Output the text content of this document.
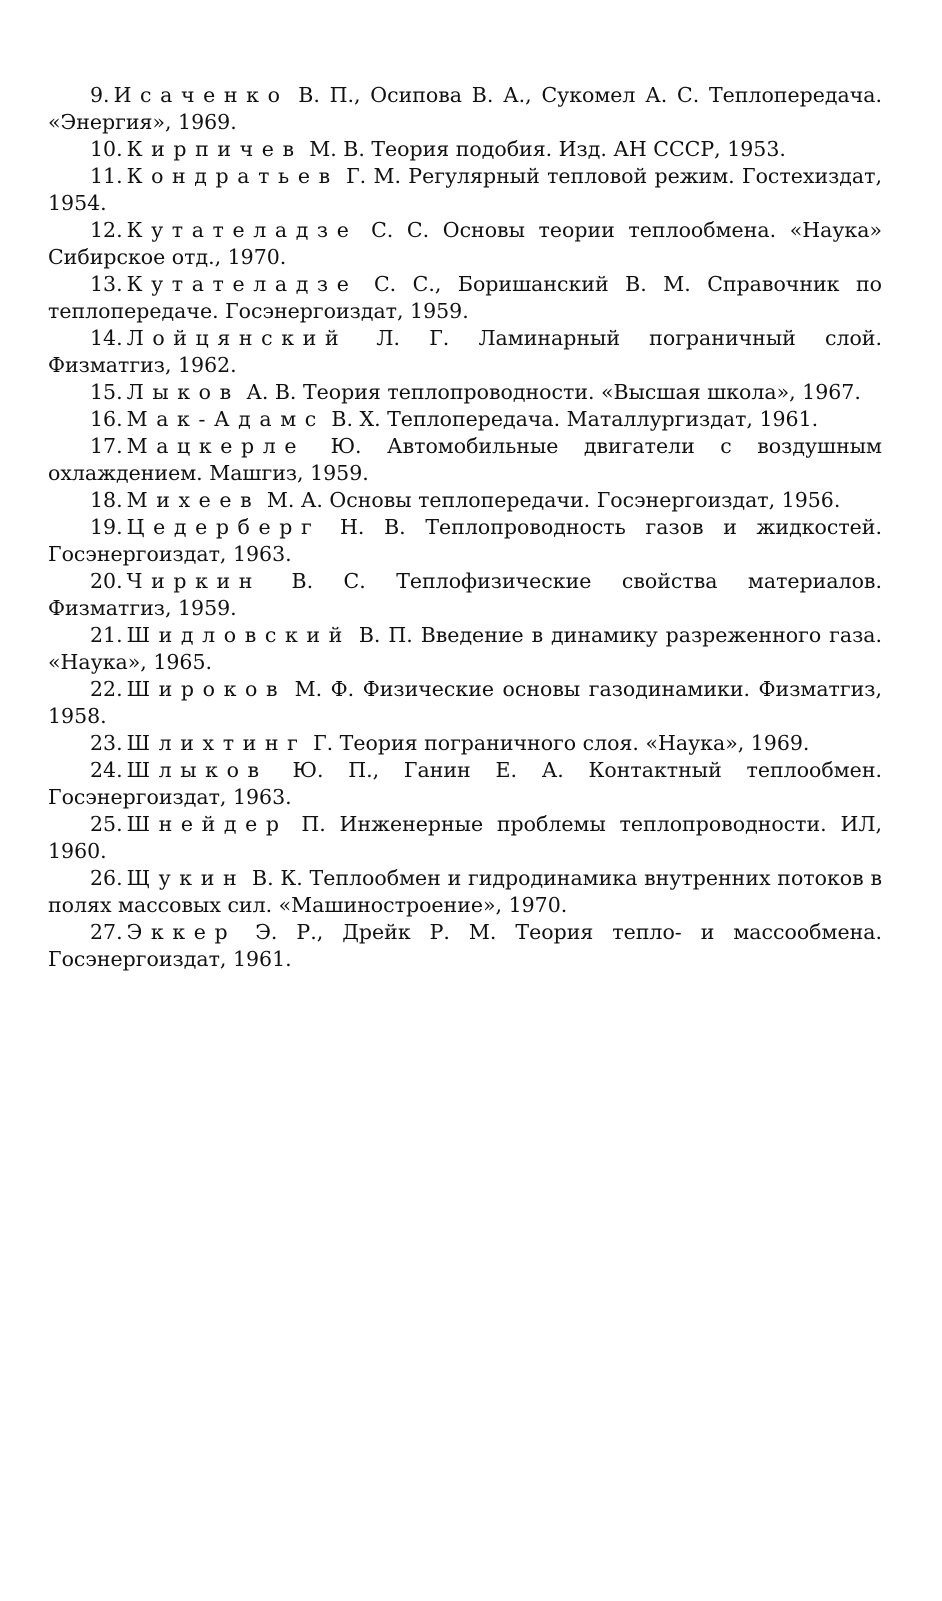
9. Исаченко В. П., Осипова В. А., Сукомел А. С. Теплопередача. «Энергия», 1969.

10. Кирпичев М. В. Теория подобия. Изд. АН СССР, 1953.

11. Кондратьев Г. М. Регулярный тепловой режим. Гостехиздат, 1954.

12. Кутателадзе С. С. Основы теории теплообмена. «Наука» Сибирское отд., 1970.

13. Кутателадзе С. С., Боришанский В. М. Справочник по теплопередаче. Госэнергоиздат, 1959.

14. Лойцянский Л. Г. Ламинарный пограничный слой. Физматгиз, 1962.

15. Лыков А. В. Теория теплопроводности. «Высшая школа», 1967.

16. Мак-Адамс В. Х. Теплопередача. Маталлургиздат, 1961.

17. Мацкерле Ю. Автомобильные двигатели с воздушным охлаждением. Машгиз, 1959.

18. Михеев М. А. Основы теплопередачи. Госэнергоиздат, 1956.

19. Цедерберг Н. В. Теплопроводность газов и жидкостей. Госэнергоиздат, 1963.

20. Чиркин В. С. Теплофизические свойства материалов. Физматгиз, 1959.

21. Шидловский В. П. Введение в динамику разреженного газа. «Наука», 1965.

22. Широков М. Ф. Физические основы газодинамики. Физматгиз, 1958.

23. Шлихтинг Г. Теория пограничного слоя. «Наука», 1969.

24. Шлыков Ю. П., Ганин Е. А. Контактный теплообмен. Госэнергоиздат, 1963.

25. Шнейдер П. Инженерные проблемы теплопроводности. ИЛ, 1960.

26. Щукин В. К. Теплообмен и гидродинамика внутренних потоков в полях массовых сил. «Машиностроение», 1970.

27. Эккер Э. Р., Дрейк Р. М. Теория тепло- и массообмена. Госэнергоиздат, 1961.
